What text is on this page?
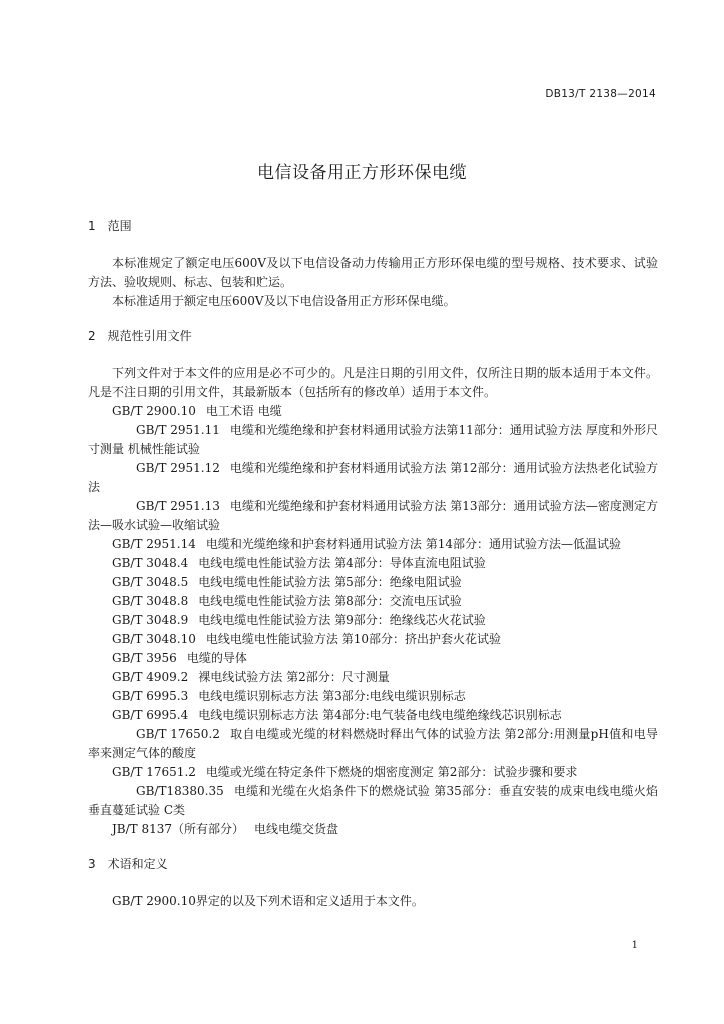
DB13/T 2138—2014
电信设备用正方形环保电缆
1 范围

本标准规定了额定电压600V及以下电信设备动力传输用正方形环保电缆的型号规格、技术要求、试验方法、验收规则、标志、包装和贮运。

本标准适用于额定电压600V及以下电信设备用正方形环保电缆。

2 规范性引用文件

下列文件对于本文件的应用是必不可少的。凡是注日期的引用文件，仅所注日期的版本适用于本文件。凡是不注日期的引用文件，其最新版本（包括所有的修改单）适用于本文件。

GB/T 2900.10 电工术语 电缆

GB/T 2951.11 电缆和光缆绝缘和护套材料通用试验方法第11部分：通用试验方法 厚度和外形尺寸测量 机械性能试验

GB/T 2951.12 电缆和光缆绝缘和护套材料通用试验方法 第12部分：通用试验方法热老化试验方法

GB/T 2951.13 电缆和光缆绝缘和护套材料通用试验方法 第13部分：通用试验方法—密度测定方法—吸水试验—收缩试验

GB/T 2951.14 电缆和光缆绝缘和护套材料通用试验方法 第14部分：通用试验方法—低温试验

GB/T 3048.4 电线电缆电性能试验方法 第4部分：导体直流电阻试验

GB/T 3048.5 电线电缆电性能试验方法 第5部分：绝缘电阻试验

GB/T 3048.8 电线电缆电性能试验方法 第8部分：交流电压试验

GB/T 3048.9 电线电缆电性能试验方法 第9部分：绝缘线芯火花试验

GB/T 3048.10 电线电缆电性能试验方法 第10部分：挤出护套火花试验

GB/T 3956 电缆的导体

GB/T 4909.2 裸电线试验方法 第2部分：尺寸测量

GB/T 6995.3 电线电缆识别标志方法 第3部分:电线电缆识别标志

GB/T 6995.4 电线电缆识别标志方法 第4部分:电气装备电线电缆绝缘线芯识别标志

GB/T 17650.2 取自电缆或光缆的材料燃烧时释出气体的试验方法 第2部分:用测量pH值和电导率来测定气体的酸度

GB/T 17651.2 电缆或光缆在特定条件下燃烧的烟密度测定 第2部分：试验步骤和要求

GB/T18380.35 电缆和光缆在火焰条件下的燃烧试验 第35部分：垂直安装的成束电线电缆火焰垂直蔓延试验 C类

JB/T 8137（所有部分） 电线电缆交货盘

3 术语和定义

GB/T 2900.10界定的以及下列术语和定义适用于本文件。

1
